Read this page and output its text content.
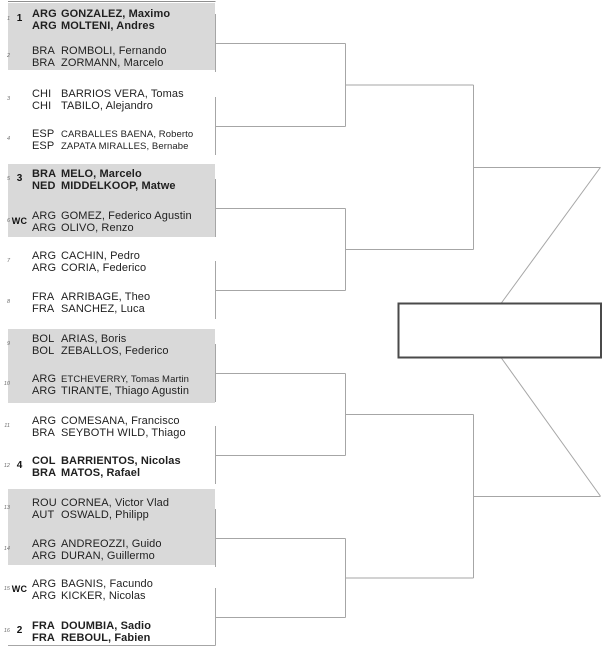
1 1 ARG GONZALEZ, Maximo
ARG MOLTENI, Andres
2 BRA ROMBOLI, Fernando
BRA ZORMANN, Marcelo
3 CHI BARRIOS VERA, Tomas
CHI TABILO, Alejandro
4 ESP CARBALLES BAENA, Roberto
ESP ZAPATA MIRALLES, Bernabe
5 3 BRA MELO, Marcelo
NED MIDDELKOOP, Matwe
6 WC ARG GOMEZ, Federico Agustin
ARG OLIVO, Renzo
7 ARG CACHIN, Pedro
ARG CORIA, Federico
8 FRA ARRIBAGE, Theo
FRA SANCHEZ, Luca
9 BOL ARIAS, Boris
BOL ZEBALLOS, Federico
10 ARG ETCHEVERRY, Tomas Martin
ARG TIRANTE, Thiago Agustin
11 ARG COMESANA, Francisco
BRA SEYBOTH WILD, Thiago
12 4 COL BARRIENTOS, Nicolas
BRA MATOS, Rafael
13 ROU CORNEA, Victor Vlad
AUT OSWALD, Philipp
14 ARG ANDREOZZI, Guido
ARG DURAN, Guillermo
15 WC ARG BAGNIS, Facundo
ARG KICKER, Nicolas
16 2 FRA DOUMBIA, Sadio
FRA REBOUL, Fabien
